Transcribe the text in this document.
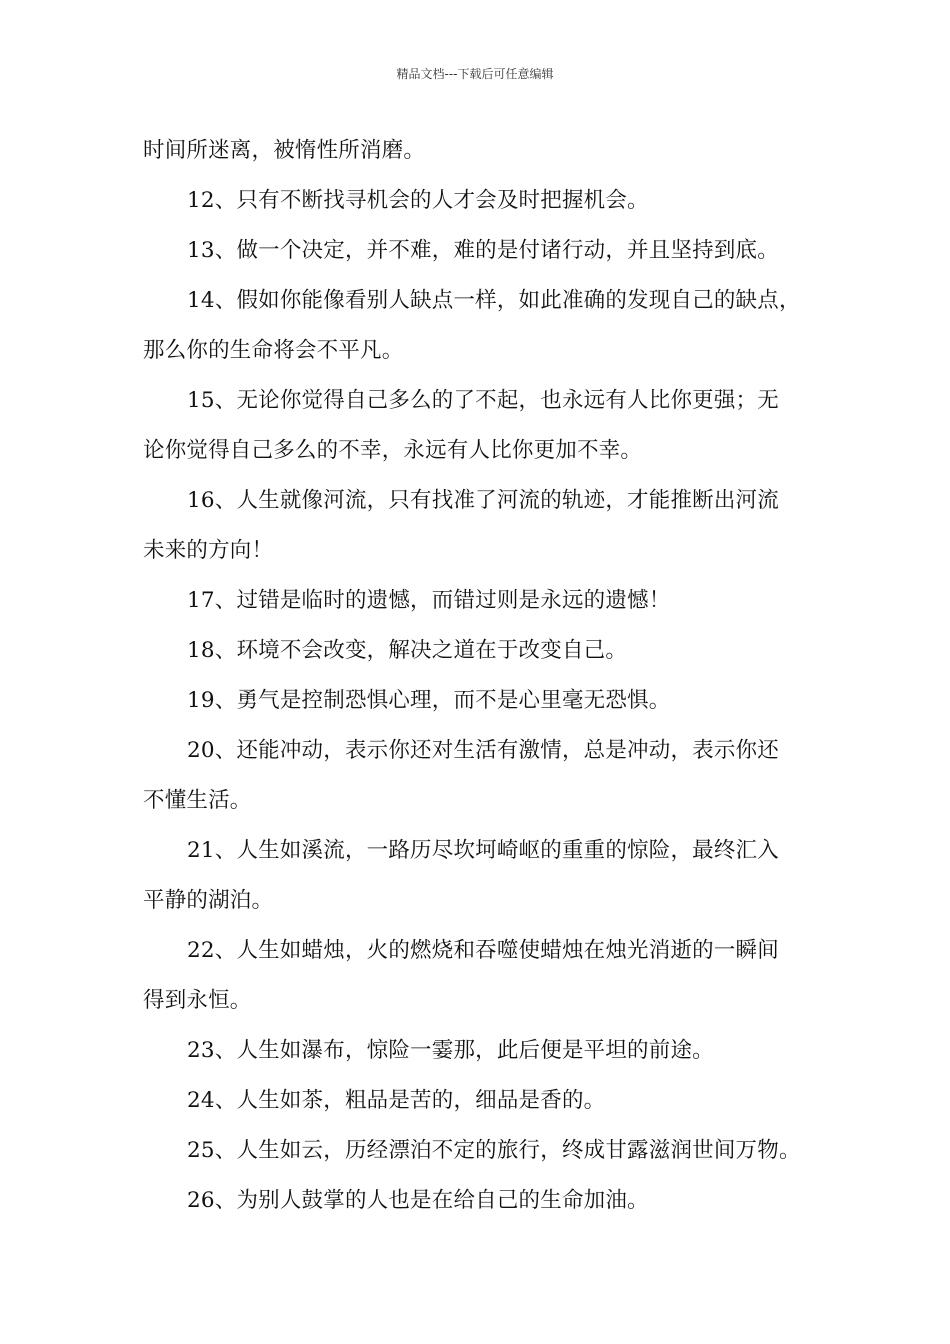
精品文档---下载后可任意编辑
时间所迷离，被惰性所消磨。
12、只有不断找寻机会的人才会及时把握机会。
13、做一个决定，并不难，难的是付诸行动，并且坚持到底。
14、假如你能像看别人缺点一样，如此准确的发现自己的缺点，
那么你的生命将会不平凡。
15、无论你觉得自己多么的了不起，也永远有人比你更强；无
论你觉得自己多么的不幸，永远有人比你更加不幸。
16、人生就像河流，只有找准了河流的轨迹，才能推断出河流
未来的方向！
17、过错是临时的遗憾，而错过则是永远的遗憾！
18、环境不会改变，解决之道在于改变自己。
19、勇气是控制恐惧心理，而不是心里毫无恐惧。
20、还能冲动，表示你还对生活有激情，总是冲动，表示你还
不懂生活。
21、人生如溪流，一路历尽坎坷崎岖的重重的惊险，最终汇入
平静的湖泊。
22、人生如蜡烛，火的燃烧和吞噬使蜡烛在烛光消逝的一瞬间
得到永恒。
23、人生如瀑布，惊险一霎那，此后便是平坦的前途。
24、人生如茶，粗品是苦的，细品是香的。
25、人生如云，历经漂泊不定的旅行，终成甘露滋润世间万物。
26、为别人鼓掌的人也是在给自己的生命加油。
